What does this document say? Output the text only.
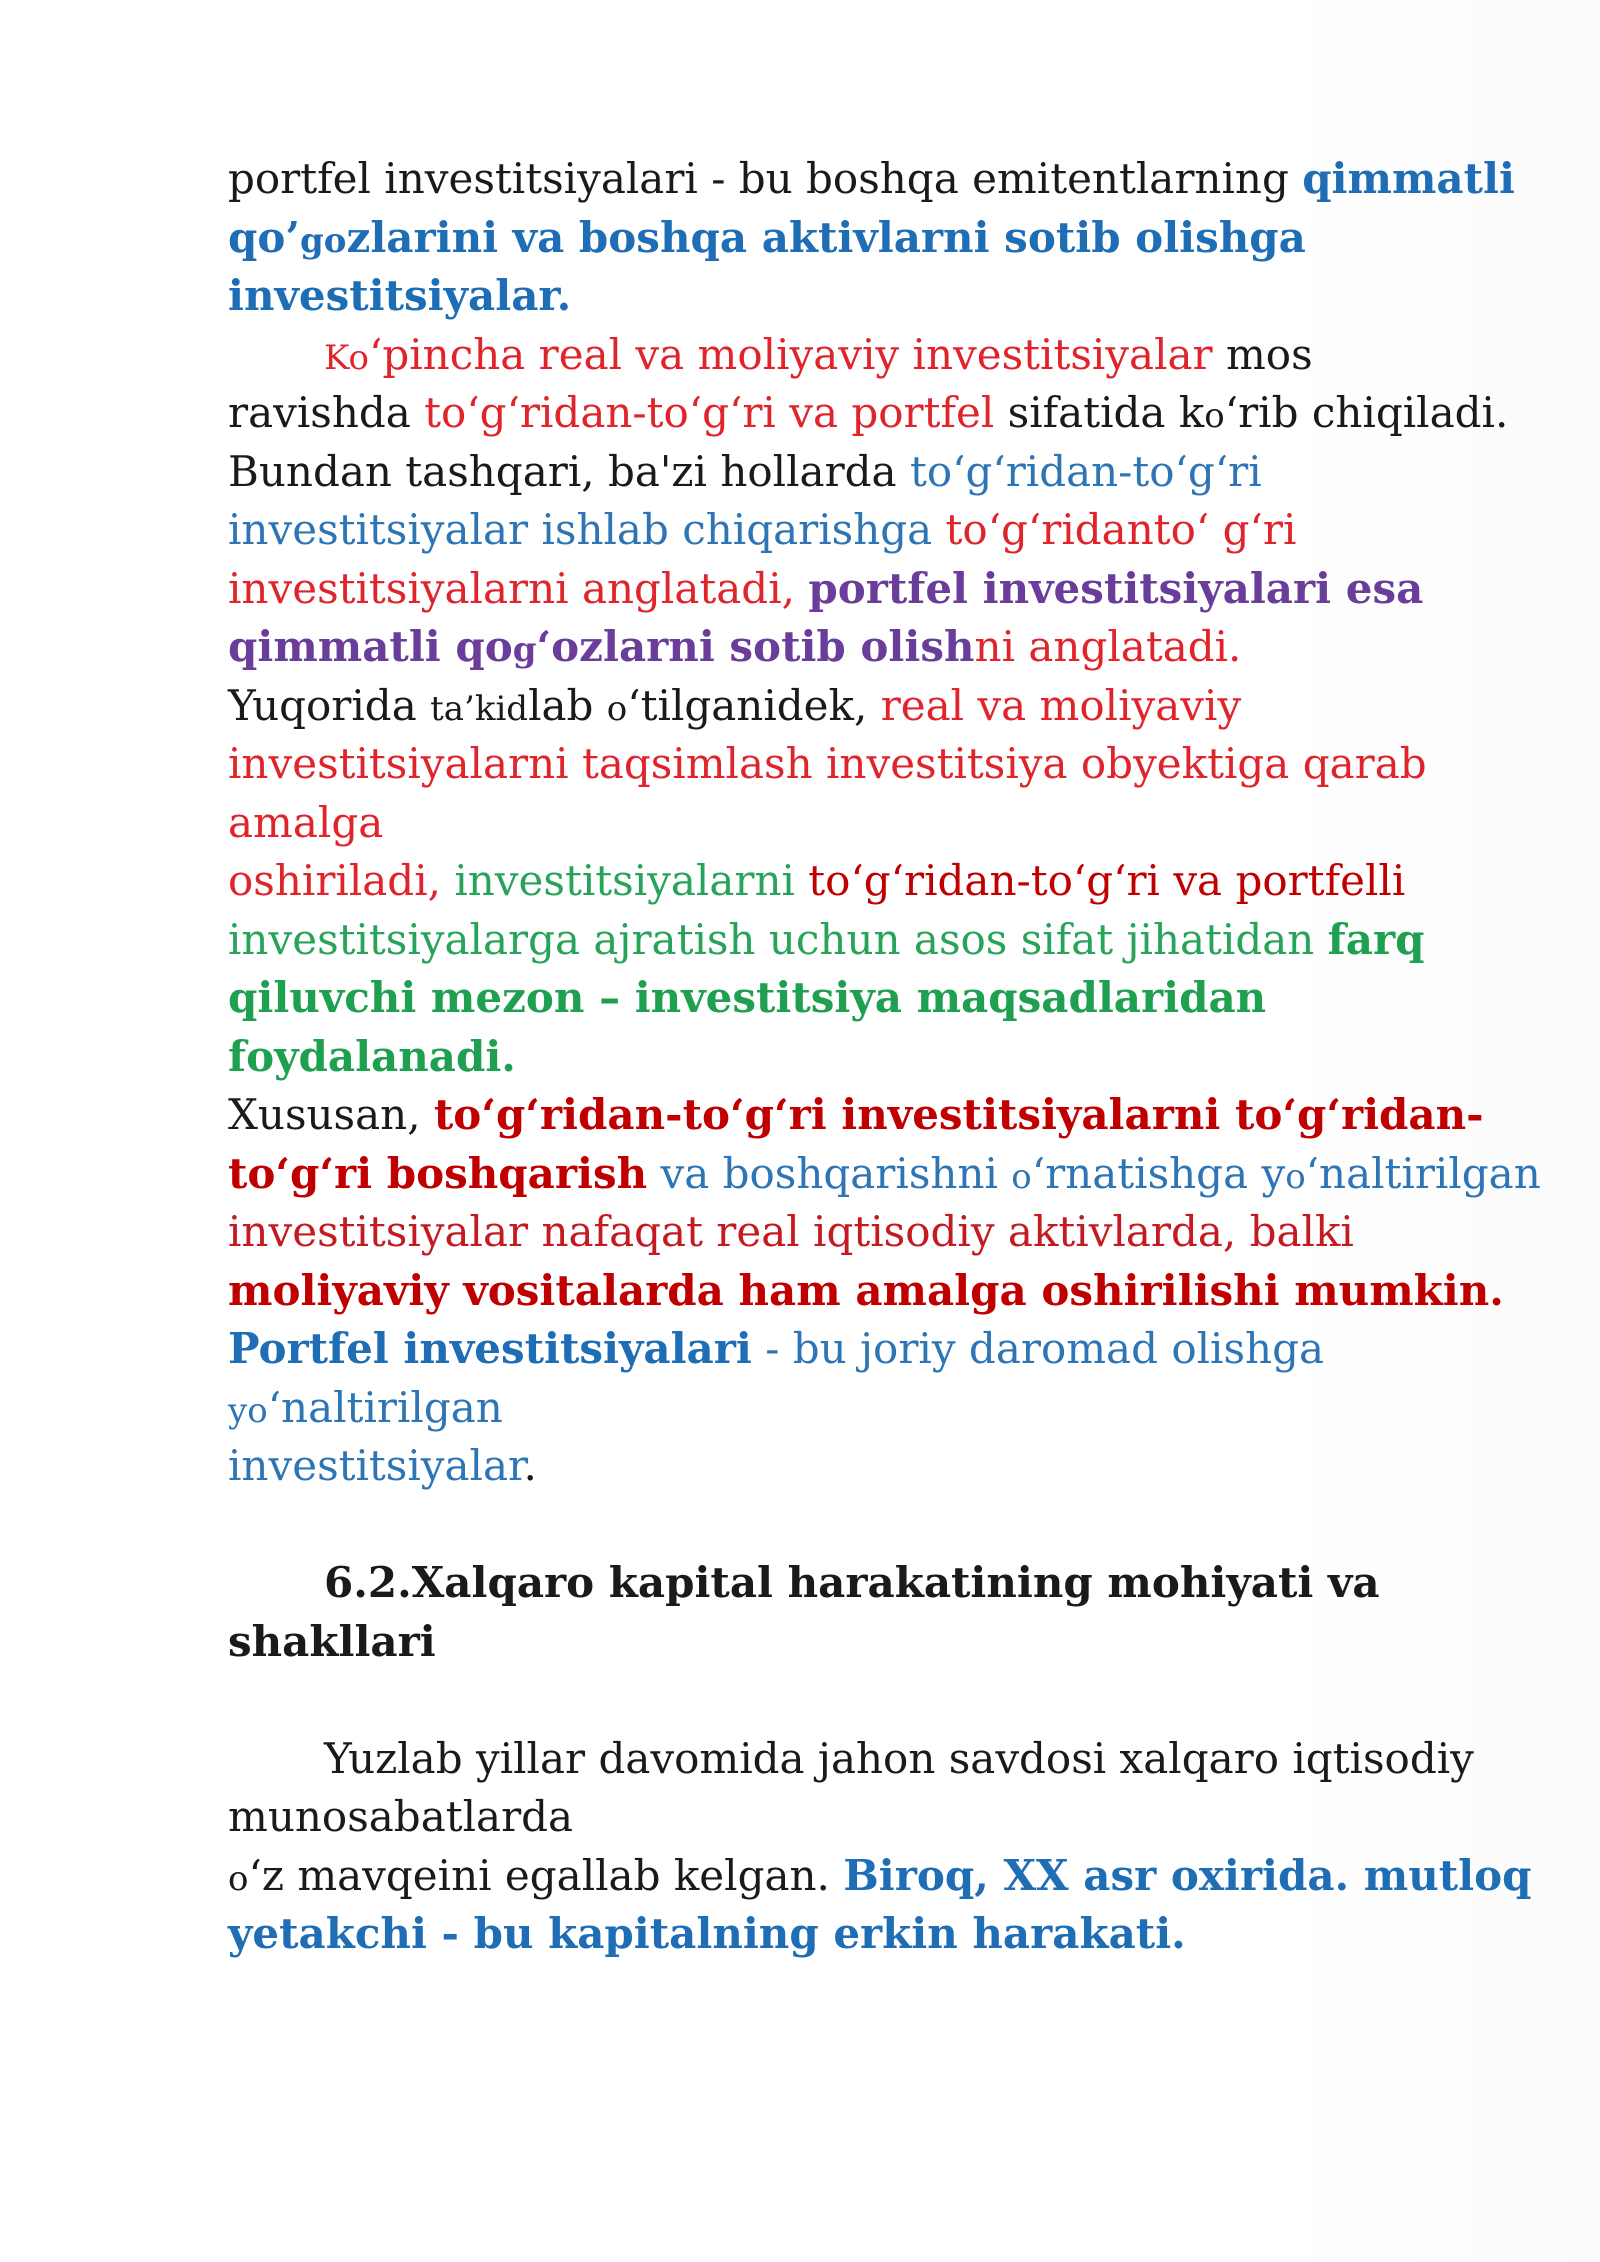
portfel investitsiyalari - bu boshqa emitentlarning qimmatli
qo’gozlarini va boshqa aktivlarni sotib olishga
investitsiyalar.
Ko‘pincha real va moliyaviy investitsiyalar mos
ravishda to‘g‘ridan-to‘g‘ri va portfel sifatida ko‘rib chiqiladi.
Bundan tashqari, ba'zi hollarda to‘g‘ridan-to‘g‘ri
investitsiyalar ishlab chiqarishga to‘g‘ridanto‘ g‘ri
investitsiyalarni anglatadi, portfel investitsiyalari esa
qimmatli qog‘ozlarni sotib olishni anglatadi.
Yuqorida ta’kidlab o‘tilganidek, real va moliyaviy
investitsiyalarni taqsimlash investitsiya obyektiga qarab
amalga
oshiriladi, investitsiyalarni to‘g‘ridan-to‘g‘ri va portfelli
investitsiyalarga ajratish uchun asos sifat jihatidan farq
qiluvchi mezon – investitsiya maqsadlaridan
foydalanadi.
Xususan, to‘g‘ridan-to‘g‘ri investitsiyalarni to‘g‘ridan-
to‘g‘ri boshqarish va boshqarishni o‘rnatishga yo‘naltirilgan
investitsiyalar nafaqat real iqtisodiy aktivlarda, balki
moliyaviy vositalarda ham amalga oshirilishi mumkin.
Portfel investitsiyalari - bu joriy daromad olishga
yo‘naltirilgan
investitsiyalar.
6.2.Xalqaro kapital harakatining mohiyati va
shakllari
Yuzlab yillar davomida jahon savdosi xalqaro iqtisodiy
munosabatlarda
o‘z mavqeini egallab kelgan. Biroq, XX asr oxirida. mutloq
yetakchi - bu kapitalning erkin harakati.
